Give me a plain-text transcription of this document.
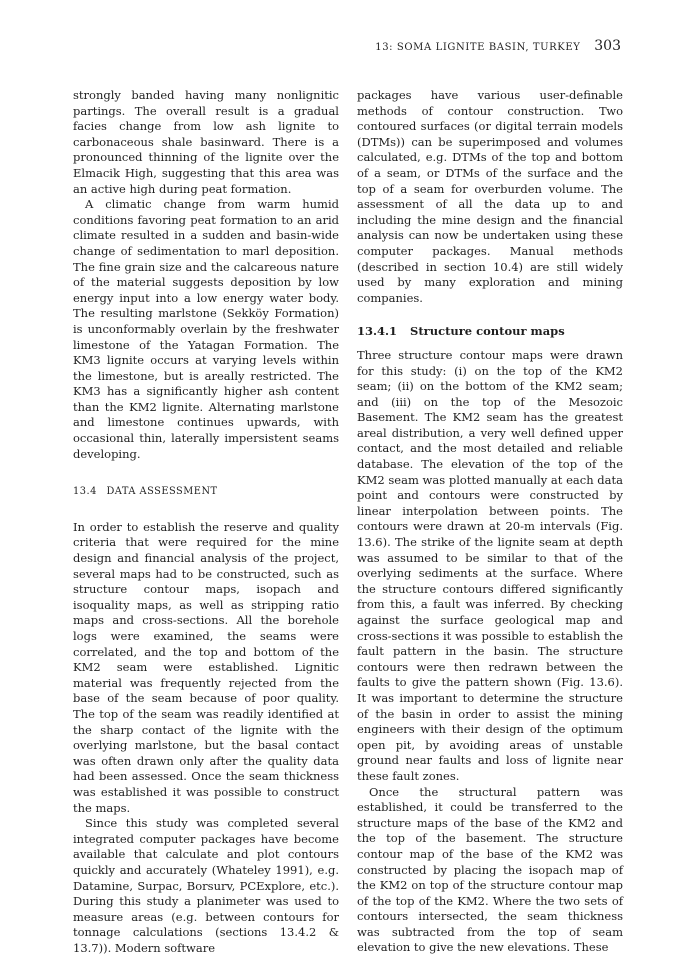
13: SOMA LIGNITE BASIN, TURKEY 303

strongly banded having many nonlignitic partings. The overall result is a gradual facies change from low ash lignite to carbonaceous shale basinward. There is a pronounced thinning of the lignite over the Elmacik High, suggesting that this area was an active high during peat formation.

A climatic change from warm humid conditions favoring peat formation to an arid climate resulted in a sudden and basin-wide change of sedimentation to marl deposition. The fine grain size and the calcareous nature of the material suggests deposition by low energy input into a low energy water body. The resulting marlstone (Sekköy Formation) is unconformably overlain by the freshwater limestone of the Yatagan Formation. The KM3 lignite occurs at varying levels within the limestone, but is areally restricted. The KM3 has a significantly higher ash content than the KM2 lignite. Alternating marlstone and limestone continues upwards, with occasional thin, laterally impersistent seams developing.

13.4 DATA ASSESSMENT

In order to establish the reserve and quality criteria that were required for the mine design and financial analysis of the project, several maps had to be constructed, such as structure contour maps, isopach and isoquality maps, as well as stripping ratio maps and cross-sections. All the borehole logs were examined, the seams were correlated, and the top and bottom of the KM2 seam were established. Lignitic material was frequently rejected from the base of the seam because of poor quality. The top of the seam was readily identified at the sharp contact of the lignite with the overlying marlstone, but the basal contact was often drawn only after the quality data had been assessed. Once the seam thickness was established it was possible to construct the maps.

Since this study was completed several integrated computer packages have become available that calculate and plot contours quickly and accurately (Whateley 1991), e.g. Datamine, Surpac, Borsurv, PCExplore, etc.). During this study a planimeter was used to measure areas (e.g. between contours for tonnage calculations (sections 13.4.2 & 13.7)). Modern software

packages have various user-definable methods of contour construction. Two contoured surfaces (or digital terrain models (DTMs)) can be superimposed and volumes calculated, e.g. DTMs of the top and bottom of a seam, or DTMs of the surface and the top of a seam for overburden volume. The assessment of all the data up to and including the mine design and the financial analysis can now be undertaken using these computer packages. Manual methods (described in section 10.4) are still widely used by many exploration and mining companies.

13.4.1 Structure contour maps

Three structure contour maps were drawn for this study: (i) on the top of the KM2 seam; (ii) on the bottom of the KM2 seam; and (iii) on the top of the Mesozoic Basement. The KM2 seam has the greatest areal distribution, a very well defined upper contact, and the most detailed and reliable database. The elevation of the top of the KM2 seam was plotted manually at each data point and contours were constructed by linear interpolation between points. The contours were drawn at 20-m intervals (Fig. 13.6). The strike of the lignite seam at depth was assumed to be similar to that of the overlying sediments at the surface. Where the structure contours differed significantly from this, a fault was inferred. By checking against the surface geological map and cross-sections it was possible to establish the fault pattern in the basin. The structure contours were then redrawn between the faults to give the pattern shown (Fig. 13.6). It was important to determine the structure of the basin in order to assist the mining engineers with their design of the optimum open pit, by avoiding areas of unstable ground near faults and loss of lignite near these fault zones.

Once the structural pattern was established, it could be transferred to the structure maps of the base of the KM2 and the top of the basement. The structure contour map of the base of the KM2 was constructed by placing the isopach map of the KM2 on top of the structure contour map of the top of the KM2. Where the two sets of contours intersected, the seam thickness was subtracted from the top of seam elevation to give the new elevations. These
